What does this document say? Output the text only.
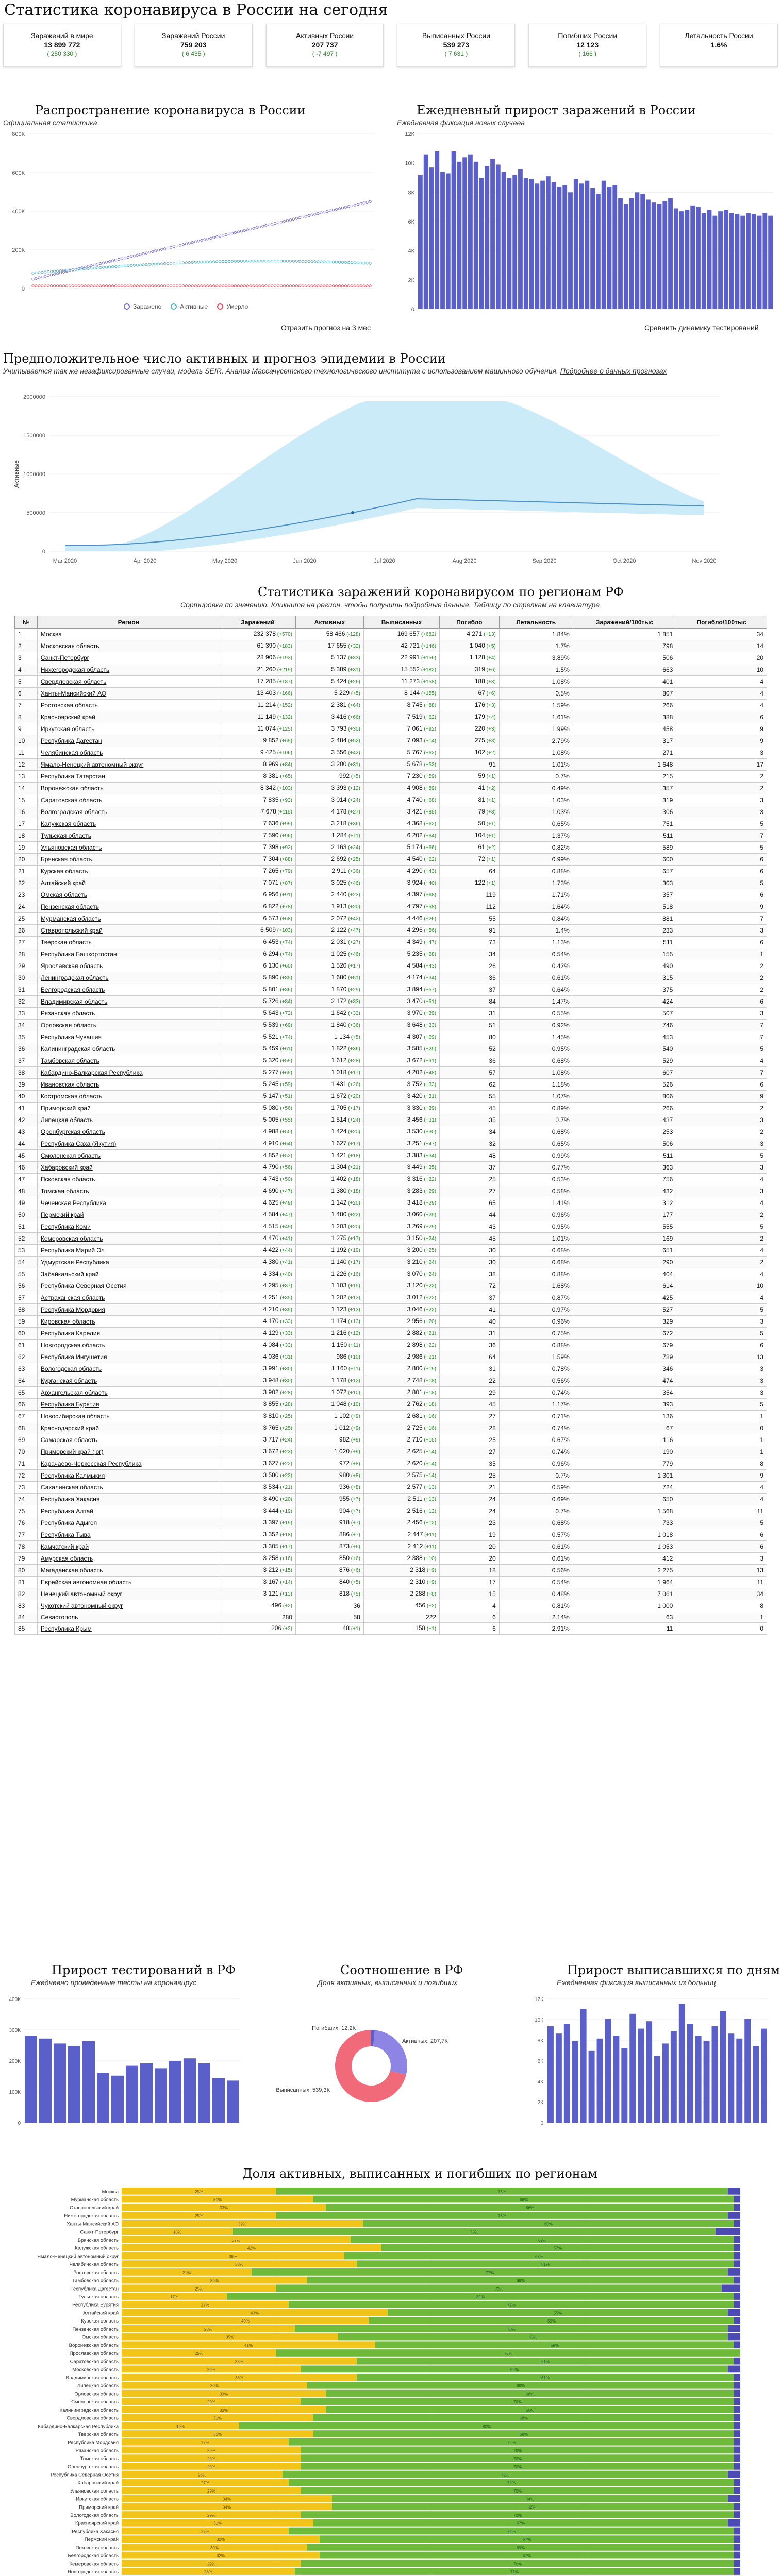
Статистика коронавируса в России на сегодня
Заражений в мире
13 899 772
( 250 330 )
Заражений России
759 203
( 6 435 )
Активных России
207 737
( -7 497 )
Выписанных России
539 273
( 7 631 )
Погибших России
12 123
( 166 )
Летальность России
1.6%
Распространение коронавируса в России
Официальная статистика
800К
600К
400К
200К
0
Заражено	Активные	Умерло
Отразить прогноз на 3 мес
Ежедневный прирост заражений в России
Ежедневная фиксация новых случаев
12К
10К
8К
6К
4К
2К
0
Сравнить динамику тестирований
Предположительное число активных и прогноз эпидемии в России
Учитывается так же незафиксированные случаи, модель SEIR. Анализ Массачусетского технологического института с использованием машинного обучения. Подробнее о данных прогнозах
2000000
1500000
1000000
500000
0
Mar 2020	Apr 2020	May 2020	Jun 2020	Jul 2020	Aug 2020	Sep 2020	Oct 2020	Nov 2020
Активные
Статистика заражений коронавирусом по регионам РФ
Сортировка по значению. Кликните на регион, чтобы получить подробные данные. Таблицу по стрелкам на клавиатуре
№	Регион	Заражений	Активных	Выписанных	Погибло	Летальность	Заражений/100тыс	Погибло/100тыс
1	Москва	232 378 (+570)	58 466 (-128)	169 657 (+682)	4 271 (+13)	1.84%	1 851	34
2	Московская область	61 390 (+183)	17 655 (+32)	42 721 (+146)	1 040 (+5)	1.7%	798	14
3	Санкт-Петербург	28 906 (+193)	5 137 (+33)	22 991 (+156)	1 128 (+4)	3.89%	506	20
4	Нижегородская область	21 260 (+219)	5 389 (+31)	15 552 (+182)	319 (+6)	1.5%	663	10
5	Свердловская область	17 285 (+187)	5 424 (+26)	11 273 (+158)	188 (+3)	1.08%	401	4
6	Ханты-Мансийский АО	13 403 (+166)	5 229 (+5)	8 144 (+155)	67 (+6)	0.5%	807	4
7	Ростовская область	11 214 (+152)	2 381 (+64)	8 745 (+88)	176 (+3)	1.59%	266	4
8	Красноярский край	11 149 (+132)	3 416 (+66)	7 519 (+62)	179 (+4)	1.61%	388	6
9	Иркутская область	11 074 (+125)	3 793 (+30)	7 061 (+92)	220 (+3)	1.99%	458	9
10	Республика Дагестан	9 852 (+69)	2 484 (+52)	7 093 (+14)	275 (+3)	2.79%	317	9
11	Челябинская область	9 425 (+106)	3 556 (+42)	5 767 (+62)	102 (+2)	1.08%	271	3
12	Ямало-Ненецкий автономный округ	8 969 (+84)	3 200 (+31)	5 678 (+53)	91	1.01%	1 648	17
13	Республика Татарстан	8 381 (+65)	992 (+5)	7 230 (+59)	59 (+1)	0.7%	215	2
14	Воронежская область	8 342 (+103)	3 393 (+12)	4 908 (+89)	41 (+2)	0.49%	357	2
15	Саратовская область	7 835 (+93)	3 014 (+24)	4 740 (+68)	81 (+1)	1.03%	319	3
16	Волгоградская область	7 678 (+115)	4 178 (+27)	3 421 (+85)	79 (+3)	1.03%	306	3
17	Калужская область	7 636 (+99)	3 218 (+36)	4 368 (+62)	50 (+1)	0.65%	751	5
18	Тульская область	7 590 (+96)	1 284 (+11)	6 202 (+84)	104 (+1)	1.37%	511	7
19	Ульяновская область	7 398 (+92)	2 163 (+24)	5 174 (+66)	61 (+2)	0.82%	589	5
20	Брянская область	7 304 (+88)	2 692 (+25)	4 540 (+62)	72 (+1)	0.99%	600	6
21	Курская область	7 265 (+79)	2 911 (+36)	4 290 (+43)	64	0.88%	657	6
22	Алтайский край	7 071 (+87)	3 025 (+46)	3 924 (+40)	122 (+1)	1.73%	303	5
23	Омская область	6 956 (+91)	2 440 (+23)	4 397 (+68)	119	1.71%	357	6
24	Пензенская область	6 822 (+78)	1 913 (+20)	4 797 (+58)	112	1.64%	518	9
25	Мурманская область	6 573 (+68)	2 072 (+42)	4 446 (+26)	55	0.84%	881	7
26	Ставропольский край	6 509 (+103)	2 122 (+47)	4 296 (+56)	91	1.4%	233	3
27	Тверская область	6 453 (+74)	2 031 (+27)	4 349 (+47)	73	1.13%	511	6
28	Республика Башкортостан	6 294 (+74)	1 025 (+46)	5 235 (+28)	34	0.54%	155	1
29	Ярославская область	6 130 (+60)	1 520 (+17)	4 584 (+43)	26	0.42%	490	2
30	Ленинградская область	5 890 (+85)	1 680 (+51)	4 174 (+34)	36	0.61%	315	2
31	Белгородская область	5 801 (+86)	1 870 (+29)	3 894 (+57)	37	0.64%	375	2
32	Владимирская область	5 726 (+84)	2 172 (+33)	3 470 (+51)	84	1.47%	424	6
33	Рязанская область	5 643 (+72)	1 642 (+33)	3 970 (+39)	31	0.55%	507	3
34	Орловская область	5 539 (+69)	1 840 (+36)	3 648 (+33)	51	0.92%	746	7
35	Республика Чувашия	5 521 (+74)	1 134 (+5)	4 307 (+69)	80	1.45%	453	7
36	Калининградская область	5 459 (+61)	1 822 (+36)	3 585 (+25)	52	0.95%	540	5
37	Тамбовская область	5 320 (+59)	1 612 (+28)	3 672 (+31)	36	0.68%	529	4
38	Кабардино-Балкарская Республика	5 277 (+65)	1 018 (+17)	4 202 (+48)	57	1.08%	607	7
39	Ивановская область	5 245 (+59)	1 431 (+26)	3 752 (+33)	62	1.18%	526	6
40	Костромская область	5 147 (+51)	1 672 (+20)	3 420 (+31)	55	1.07%	806	9
41	Приморский край	5 080 (+56)	1 705 (+17)	3 330 (+39)	45	0.89%	266	2
42	Липецкая область	5 005 (+55)	1 514 (+24)	3 456 (+31)	35	0.7%	437	3
43	Оренбургская область	4 988 (+50)	1 424 (+20)	3 530 (+30)	34	0.68%	253	2
44	Республика Саха (Якутия)	4 910 (+64)	1 627 (+17)	3 251 (+47)	32	0.65%	506	3
45	Смоленская область	4 852 (+52)	1 421 (+18)	3 383 (+34)	48	0.99%	511	5
46	Хабаровский край	4 790 (+56)	1 304 (+21)	3 449 (+35)	37	0.77%	363	3
47	Псковская область	4 743 (+50)	1 402 (+18)	3 316 (+32)	25	0.53%	756	4
48	Томская область	4 690 (+47)	1 380 (+18)	3 283 (+29)	27	0.58%	432	3
49	Чеченская Республика	4 625 (+49)	1 142 (+20)	3 418 (+29)	65	1.41%	312	4
50	Пермский край	4 584 (+47)	1 480 (+22)	3 060 (+25)	44	0.96%	177	2
51	Республика Коми	4 515 (+49)	1 203 (+20)	3 269 (+29)	43	0.95%	555	5
52	Кемеровская область	4 470 (+41)	1 275 (+17)	3 150 (+24)	45	1.01%	169	2
53	Республика Марий Эл	4 422 (+44)	1 192 (+19)	3 200 (+25)	30	0.68%	651	4
54	Удмуртская Республика	4 380 (+41)	1 140 (+17)	3 210 (+24)	30	0.68%	290	2
55	Забайкальский край	4 334 (+40)	1 226 (+16)	3 070 (+24)	38	0.88%	404	4
56	Республика Северная Осетия	4 295 (+37)	1 103 (+15)	3 120 (+22)	72	1.68%	614	10
57	Астраханская область	4 251 (+35)	1 202 (+13)	3 012 (+22)	37	0.87%	425	4
58	Республика Мордовия	4 210 (+35)	1 123 (+13)	3 046 (+22)	41	0.97%	527	5
59	Кировская область	4 170 (+33)	1 174 (+13)	2 956 (+20)	40	0.96%	329	3
60	Республика Карелия	4 129 (+33)	1 216 (+12)	2 882 (+21)	31	0.75%	672	5
61	Новгородская область	4 084 (+33)	1 150 (+11)	2 898 (+22)	36	0.88%	679	6
62	Республика Ингушетия	4 036 (+31)	986 (+10)	2 986 (+21)	64	1.59%	789	13
63	Вологодская область	3 991 (+30)	1 160 (+11)	2 800 (+19)	31	0.78%	346	3
64	Курганская область	3 948 (+30)	1 178 (+12)	2 748 (+18)	22	0.56%	474	3
65	Архангельская область	3 902 (+28)	1 072 (+10)	2 801 (+18)	29	0.74%	354	3
66	Республика Бурятия	3 855 (+28)	1 048 (+10)	2 762 (+18)	45	1.17%	393	5
67	Новосибирская область	3 810 (+25)	1 102 (+9)	2 681 (+16)	27	0.71%	136	1
68	Краснодарский край	3 765 (+25)	1 012 (+9)	2 725 (+16)	28	0.74%	67	0
69	Самарская область	3 717 (+24)	982 (+9)	2 710 (+15)	25	0.67%	116	1
70	Приморский край (юг)	3 672 (+23)	1 020 (+9)	2 625 (+14)	27	0.74%	190	1
71	Карачаево-Черкесская Республика	3 627 (+22)	972 (+8)	2 620 (+14)	35	0.96%	779	8
72	Республика Калмыкия	3 580 (+22)	980 (+8)	2 575 (+14)	25	0.7%	1 301	9
73	Сахалинская область	3 534 (+21)	936 (+8)	2 577 (+13)	21	0.59%	724	4
74	Республика Хакасия	3 490 (+20)	955 (+7)	2 511 (+13)	24	0.69%	650	4
75	Республика Алтай	3 444 (+19)	904 (+7)	2 516 (+12)	24	0.7%	1 568	11
76	Республика Адыгея	3 397 (+19)	918 (+7)	2 456 (+12)	23	0.68%	733	5
77	Республика Тыва	3 352 (+18)	886 (+7)	2 447 (+11)	19	0.57%	1 018	6
78	Камчатский край	3 305 (+17)	873 (+6)	2 412 (+11)	20	0.61%	1 053	6
79	Амурская область	3 258 (+16)	850 (+6)	2 388 (+10)	20	0.61%	412	3
80	Магаданская область	3 212 (+15)	876 (+6)	2 318 (+9)	18	0.56%	2 275	13
81	Еврейская автономная область	3 167 (+14)	840 (+5)	2 310 (+9)	17	0.54%	1 964	11
82	Ненецкий автономный округ	3 121 (+13)	818 (+5)	2 288 (+8)	15	0.48%	7 061	34
83	Чукотский автономный округ	496 (+2)	36	456 (+2)	4	0.81%	1 000	8
84	Севастополь	280	58	222	6	2.14%	63	1
85	Республика Крым	206 (+2)	48 (+1)	158 (+1)	6	2.91%	11	0
Прирост тестирований в РФ
Ежедневно проведенные тесты на коронавирус
400К
300К
200К
100К
0
Соотношение в РФ
Доля активных, выписанных и погибших
Погибших, 12,2К
Активных, 207,7К
Выписанных, 539,3К
Прирост выписавшихся по дням
Ежедневная фиксация выписанных из больниц
12К
10К
8К
6К
4К
2К
0
Доля активных, выписанных и погибших по регионам
Москва	25%	73%
Мурманская область	31%	68%
Ставропольский край	33%	66%
Нижегородская область	25%	73%
Ханты-Мансийский АО	39%	60%
Санкт-Петербург	18%	78%
Брянская область	37%	62%
Калужская область	42%	57%
Ямало-Ненецкий автономный округ	36%	63%
Челябинская область	38%	61%
Ростовская область	21%	77%
Тамбовская область	30%	69%
Республика Дагестан	25%	72%
Тульская область	17%	82%
Республика Бурятия	27%	72%
Алтайский край	43%	55%
Курская область	40%	59%
Пензенская область	28%	70%
Омская область	35%	63%
Воронежская область	41%	58%
Ярославская область	25%	75%
Саратовская область	38%	61%
Московская область	29%	69%
Владимирская область	38%	61%
Липецкая область	30%	69%
Орловская область	33%	66%
Смоленская область	29%	70%
Калининградская область	33%	66%
Свердловская область	31%	68%
Кабардино-Балкарская Республика	19%	80%
Тверская область	31%	68%
Республика Мордовия	27%	72%
Рязанская область	29%	70%
Томская область	29%	70%
Оренбургская область	29%	70%
Республика Северная Осетия	26%	72%
Хабаровский край	27%	72%
Ульяновская область	29%	70%
Иркутская область	34%	64%
Приморский край	34%	65%
Вологодская область	29%	70%
Красноярский край	31%	67%
Республика Хакасия	27%	72%
Пермский край	32%	67%
Псковская область	30%	69%
Белгородская область	32%	67%
Кемеровская область	29%	70%
Новгородская область	28%	71%
